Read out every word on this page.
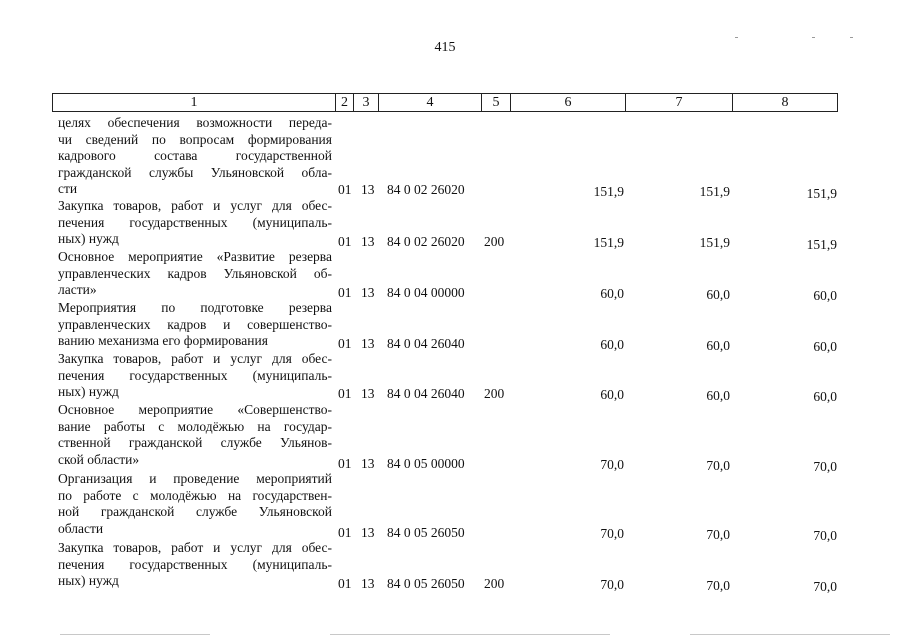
415
1	2	3	4	5	6	7	8
целях обеспечения возможности переда-
чи сведений по вопросам формирования
кадрового состава государственной
гражданской службы Ульяновской обла-
сти	01 13 84 0 02 26020	151,9	151,9	151,9
Закупка товаров, работ и услуг для обес-
печения государственных (муниципаль-
ных) нужд	01 13 84 0 02 26020 200	151,9	151,9	151,9
Основное мероприятие «Развитие резерва
управленческих кадров Ульяновской об-
ласти»	01 13 84 0 04 00000	60,0	60,0	60,0
Мероприятия по подготовке резерва
управленческих кадров и совершенство-
ванию механизма его формирования	01 13 84 0 04 26040	60,0	60,0	60,0
Закупка товаров, работ и услуг для обес-
печения государственных (муниципаль-
ных) нужд	01 13 84 0 04 26040 200	60,0	60,0	60,0
Основное мероприятие «Совершенство-
вание работы с молодёжью на государ-
ственной гражданской службе Ульянов-
ской области»	01 13 84 0 05 00000	70,0	70,0	70,0
Организация и проведение мероприятий
по работе с молодёжью на государствен-
ной гражданской службе Ульяновской
области	01 13 84 0 05 26050	70,0	70,0	70,0
Закупка товаров, работ и услуг для обес-
печения государственных (муниципаль-
ных) нужд	01 13 84 0 05 26050 200	70,0	70,0	70,0
